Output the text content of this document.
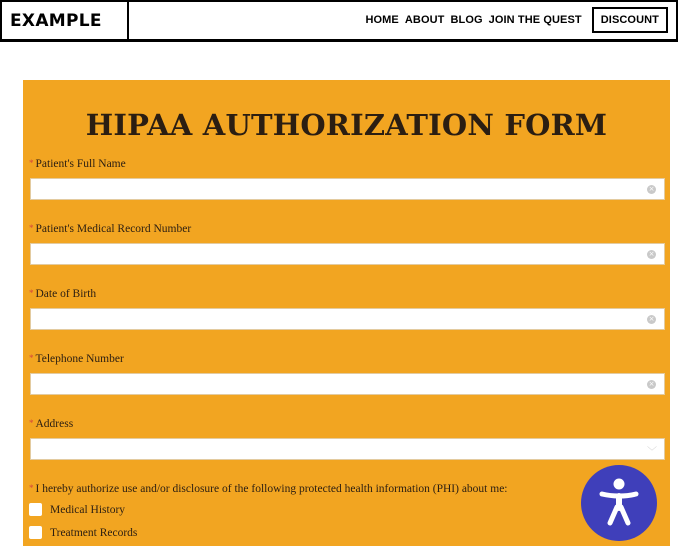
EXAMPLE	HOME ABOUT BLOG JOIN THE QUEST	DISCOUNT
HIPAA AUTHORIZATION FORM
* Patient's Full Name
×
* Patient's Medical Record Number
×
* Date of Birth
×
* Telephone Number
×
* Address
﹀
* I hereby authorize use and/or disclosure of the following protected health information (PHI) about me:
Medical History
Treatment Records
